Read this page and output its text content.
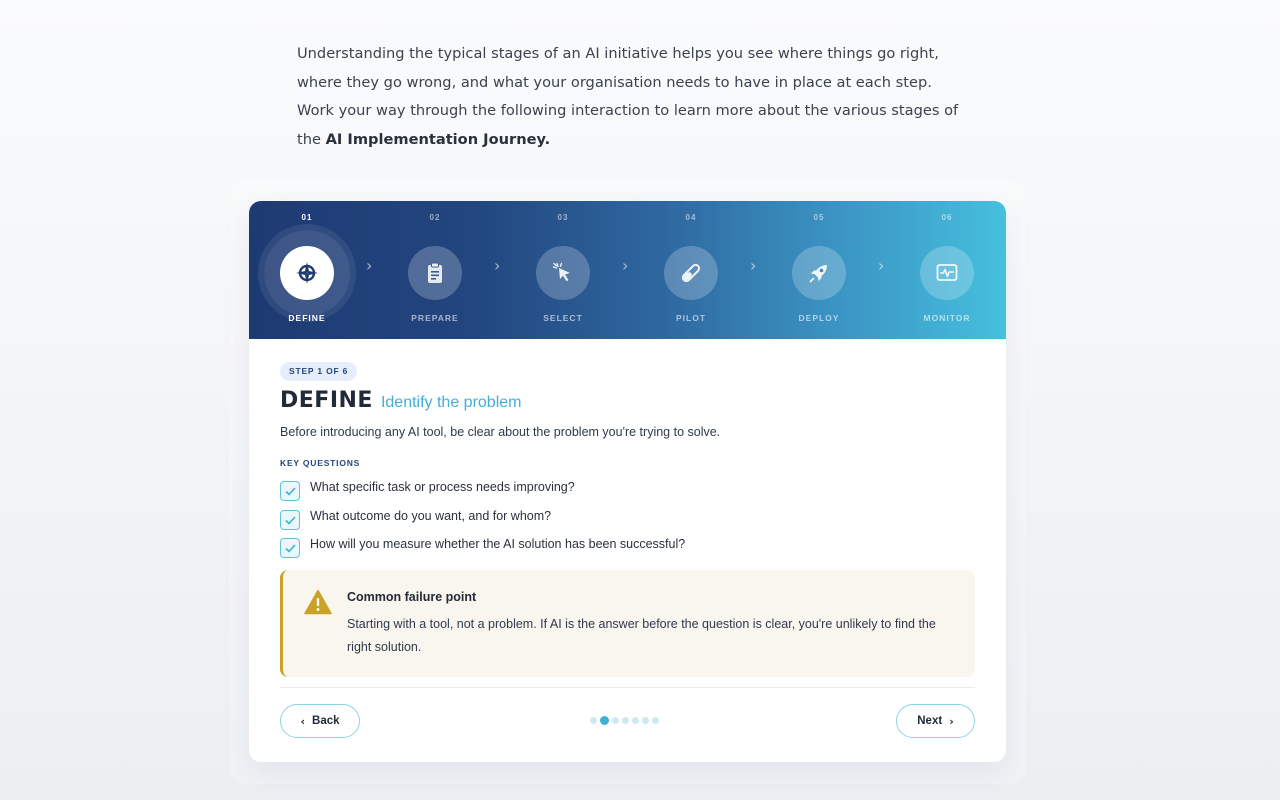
Understanding the typical stages of an AI initiative helps you see where things go right, where they go wrong, and what your organisation needs to have in place at each step.

Work your way through the following interaction to learn more about the various stages of the AI Implementation Journey.

01
DEFINE
›
02
PREPARE
›
03
SELECT
›
04
PILOT
›
05
DEPLOY
›
06
MONITOR
STEP 1 OF 6
DEFINE Identify the problem
Before introducing any AI tool, be clear about the problem you're trying to solve.
KEY QUESTIONS
What specific task or process needs improving?
What outcome do you want, and for whom?
How will you measure whether the AI solution has been successful?
Common failure point
Starting with a tool, not a problem. If AI is the answer before the question is clear, you're unlikely to find the right solution.
‹ Back	Next ›
